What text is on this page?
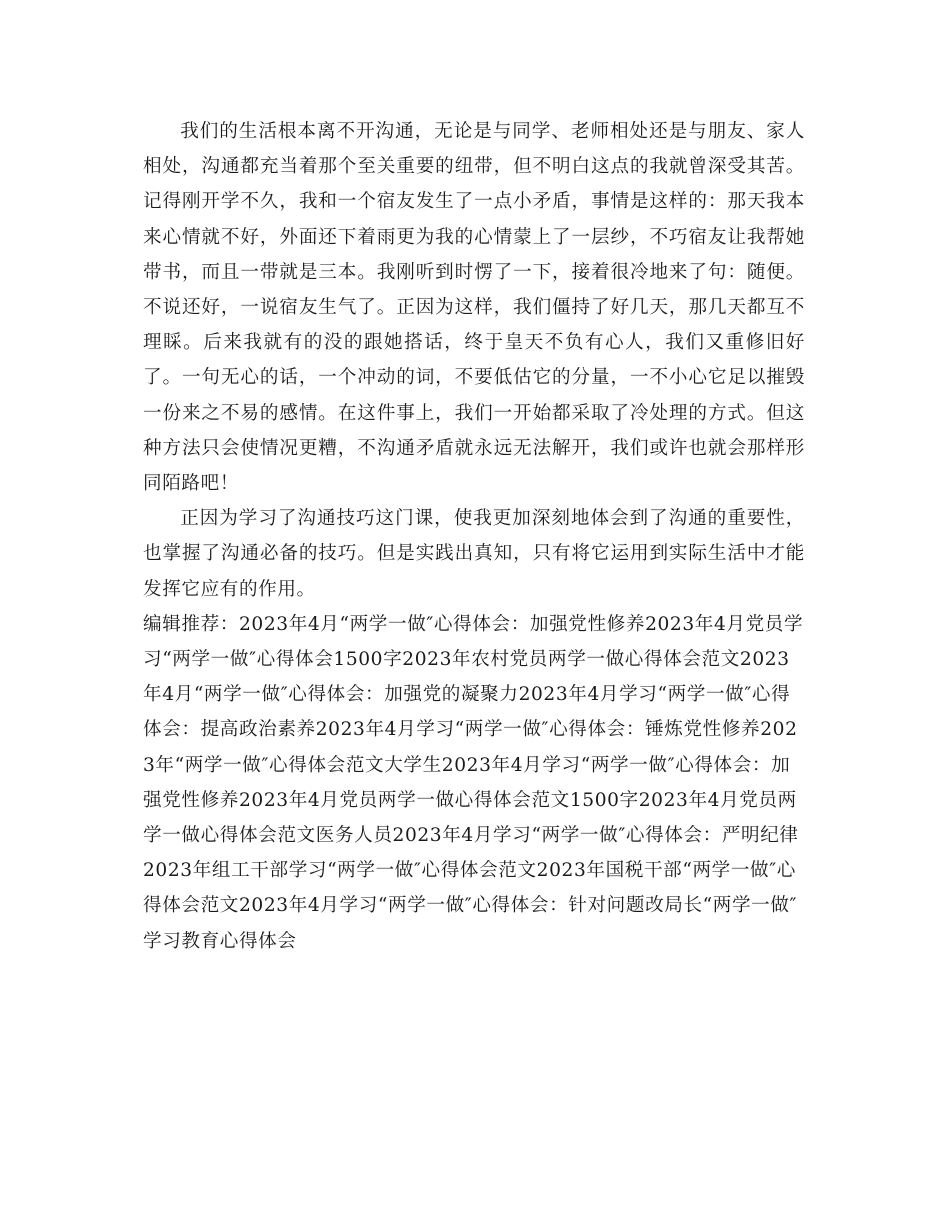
我们的生活根本离不开沟通，无论是与同学、老师相处还是与朋友、家人相处，沟通都充当着那个至关重要的纽带，但不明白这点的我就曾深受其苦。记得刚开学不久，我和一个宿友发生了一点小矛盾，事情是这样的：那天我本来心情就不好，外面还下着雨更为我的心情蒙上了一层纱，不巧宿友让我帮她带书，而且一带就是三本。我刚听到时愣了一下，接着很冷地来了句：随便。不说还好，一说宿友生气了。正因为这样，我们僵持了好几天，那几天都互不理睬。后来我就有的没的跟她搭话，终于皇天不负有心人，我们又重修旧好了。一句无心的话，一个冲动的词，不要低估它的分量，一不小心它足以摧毁一份来之不易的感情。在这件事上，我们一开始都采取了冷处理的方式。但这种方法只会使情况更糟，不沟通矛盾就永远无法解开，我们或许也就会那样形同陌路吧！

正因为学习了沟通技巧这门课，使我更加深刻地体会到了沟通的重要性，也掌握了沟通必备的技巧。但是实践出真知，只有将它运用到实际生活中才能发挥它应有的作用。

编辑推荐：2023年4月“两学一做″心得体会：加强党性修养2023年4月党员学习“两学一做″心得体会1500字2023年农村党员两学一做心得体会范文2023年4月“两学一做″心得体会：加强党的凝聚力2023年4月学习“两学一做″心得体会：提高政治素养2023年4月学习“两学一做″心得体会：锤炼党性修养2023年“两学一做″心得体会范文大学生2023年4月学习“两学一做″心得体会：加强党性修养2023年4月党员两学一做心得体会范文1500字2023年4月党员两学一做心得体会范文医务人员2023年4月学习“两学一做″心得体会：严明纪律2023年组工干部学习“两学一做″心得体会范文2023年国税干部“两学一做″心得体会范文2023年4月学习“两学一做″心得体会：针对问题改局长“两学一做″学习教育心得体会
